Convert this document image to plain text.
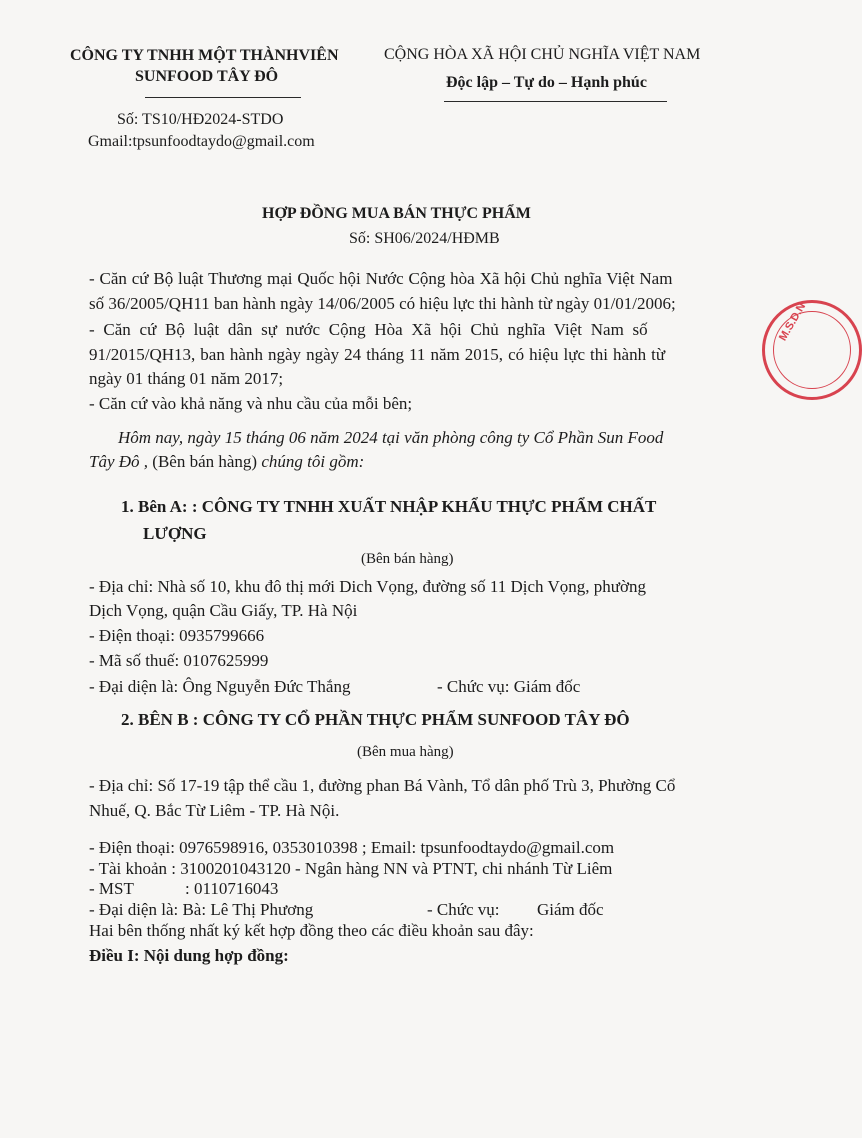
CÔNG TY TNHH MỘT THÀNHVIÊN
SUNFOOD TÂY ĐÔ
Số: TS10/HĐ2024-STDO
Gmail:tpsunfoodtaydo@gmail.com
CỘNG HÒA XÃ HỘI CHỦ NGHĨA VIỆT NAM
Độc lập – Tự do – Hạnh phúc
HỢP ĐỒNG MUA BÁN THỰC PHẨM
Số: SH06/2024/HĐMB
- Căn cứ Bộ luật Thương mại Quốc hội Nước Cộng hòa Xã hội Chủ nghĩa Việt Nam
số 36/2005/QH11 ban hành ngày 14/06/2005 có hiệu lực thi hành từ ngày 01/01/2006;
- Căn cứ Bộ luật dân sự nước Cộng Hòa Xã hội Chủ nghĩa Việt Nam số
91/2015/QH13, ban hành ngày ngày 24 tháng 11 năm 2015, có hiệu lực thi hành từ
ngày 01 tháng 01 năm 2017;
- Căn cứ vào khả năng và nhu cầu của mỗi bên;
Hôm nay, ngày 15 tháng 06 năm 2024 tại văn phòng công ty Cổ Phần Sun Food
Tây Đô , (Bên bán hàng) chúng tôi gồm:
1. Bên A: : CÔNG TY TNHH XUẤT NHẬP KHẨU THỰC PHẨM CHẤT
LƯỢNG
(Bên bán hàng)
- Địa chỉ: Nhà số 10, khu đô thị mới Dich Vọng, đường số 11 Dịch Vọng, phường
Dịch Vọng, quận Cầu Giấy, TP. Hà Nội
- Điện thoại: 0935799666
- Mã số thuế: 0107625999
- Đại diện là: Ông Nguyễn Đức Thắng	- Chức vụ: Giám đốc
2. BÊN B : CÔNG TY CỔ PHẦN THỰC PHẨM SUNFOOD TÂY ĐÔ
(Bên mua hàng)
- Địa chỉ: Số 17-19 tập thể cầu 1, đường phan Bá Vành, Tổ dân phố Trù 3, Phường Cổ
Nhuế, Q. Bắc Từ Liêm - TP. Hà Nội.
- Điện thoại: 0976598916, 0353010398 ; Email: tpsunfoodtaydo@gmail.com
- Tài khoản : 3100201043120 - Ngân hàng NN và PTNT, chi nhánh Từ Liêm
- MST	: 0110716043
- Đại diện là: Bà: Lê Thị Phương	- Chức vụ: Giám đốc
Hai bên thống nhất ký kết hợp đồng theo các điều khoản sau đây:
Điều I: Nội dung hợp đồng:
M.S.D.N
